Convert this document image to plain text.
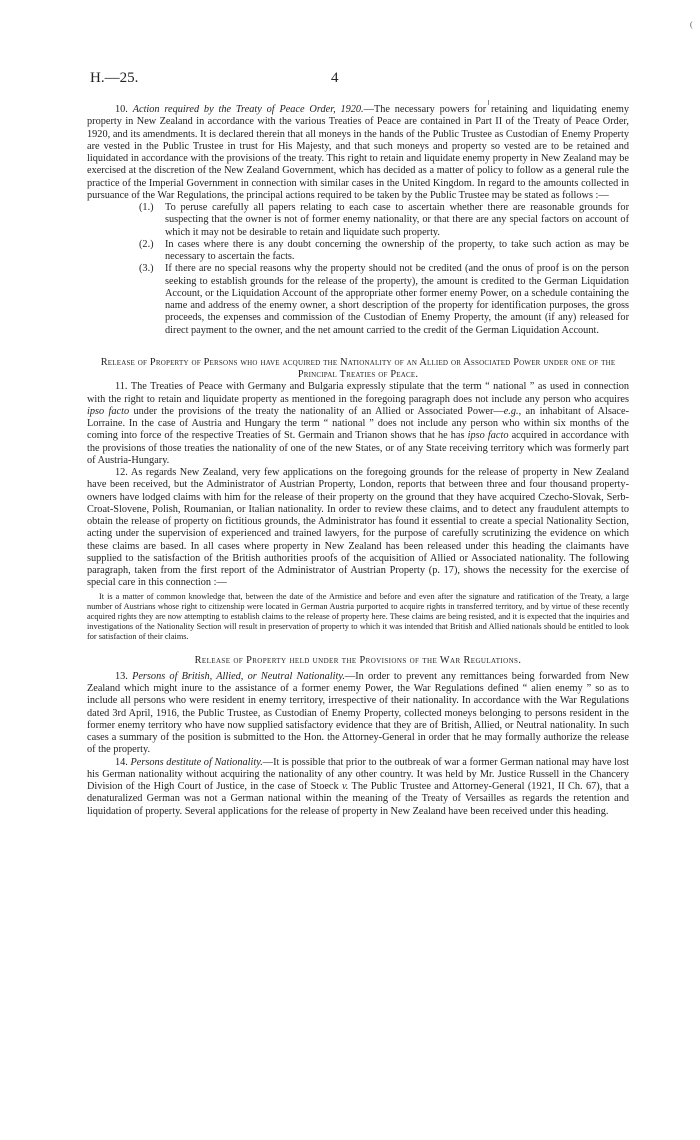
(
H.—25.	4

10. Action required by the Treaty of Peace Order, 1920.—The necessary powers for retaining and liquidating enemy property in New Zealand in accordance with the various Treaties of Peace are contained in Part II of the Treaty of Peace Order, 1920, and its amendments. It is declared therein that all moneys in the hands of the Public Trustee as Custodian of Enemy Property are vested in the Public Trustee in trust for His Majesty, and that such moneys and property so vested are to be retained and liquidated in accordance with the provisions of the treaty. This right to retain and liquidate enemy property in New Zealand may be exercised at the discretion of the New Zealand Government, which has decided as a matter of policy to follow as a general rule the practice of the Imperial Government in connection with similar cases in the United Kingdom. In regard to the amounts collected in pursuance of the War Regulations, the principal actions required to be taken by the Public Trustee may be stated as follows :—

(1.) To peruse carefully all papers relating to each case to ascertain whether there are reasonable grounds for suspecting that the owner is not of former enemy nationality, or that there are any special factors on account of which it may not be desirable to retain and liquidate such property.
(2.) In cases where there is any doubt concerning the ownership of the property, to take such action as may be necessary to ascertain the facts.
(3.) If there are no special reasons why the property should not be credited (and the onus of proof is on the person seeking to establish grounds for the release of the property), the amount is credited to the German Liquidation Account, or the Liquidation Account of the appropriate other former enemy Power, on a schedule containing the name and address of the enemy owner, a short description of the property for identification purposes, the gross proceeds, the expenses and commission of the Custodian of Enemy Property, the amount (if any) released for direct payment to the owner, and the net amount carried to the credit of the German Liquidation Account.
Release of Property of Persons who have acquired the Nationality of an Allied or Associated Power under one of the Principal Treaties of Peace.

11. The Treaties of Peace with Germany and Bulgaria expressly stipulate that the term “ national ” as used in connection with the right to retain and liquidate property as mentioned in the foregoing paragraph does not include any person who acquires ipso facto under the provisions of the treaty the nationality of an Allied or Associated Power—e.g., an inhabitant of Alsace-Lorraine. In the case of Austria and Hungary the term “ national ” does not include any person who within six months of the coming into force of the respective Treaties of St. Germain and Trianon shows that he has ipso facto acquired in accordance with the provisions of those treaties the nationality of one of the new States, or of any State receiving territory which was formerly part of Austria-Hungary.

12. As regards New Zealand, very few applications on the foregoing grounds for the release of property in New Zealand have been received, but the Administrator of Austrian Property, London, reports that between three and four thousand property-owners have lodged claims with him for the release of their property on the ground that they have acquired Czecho-Slovak, Serb-Croat-Slovene, Polish, Roumanian, or Italian nationality. In order to review these claims, and to detect any fraudulent attempts to obtain the release of property on fictitious grounds, the Administrator has found it essential to create a special Nationality Section, acting under the supervision of experienced and trained lawyers, for the purpose of carefully scrutinizing the evidence on which these claims are based. In all cases where property in New Zealand has been released under this heading the claimants have supplied to the satisfaction of the British authorities proofs of the acquisition of Allied or Associated nationality. The following paragraph, taken from the first report of the Administrator of Austrian Property (p. 17), shows the necessity for the exercise of special care in this connection :—

It is a matter of common knowledge that, between the date of the Armistice and before and even after the signature and ratification of the Treaty, a large number of Austrians whose right to citizenship were located in German Austria purported to acquire rights in transferred territory, and by virtue of these recently acquired rights they are now attempting to establish claims to the release of property here. These claims are being resisted, and it is expected that the inquiries and investigations of the Nationality Section will result in preservation of property to which it was intended that British and Allied nationals should be entitled to look for satisfaction of their claims.

Release of Property held under the Provisions of the War Regulations.

13. Persons of British, Allied, or Neutral Nationality.—In order to prevent any remittances being forwarded from New Zealand which might inure to the assistance of a former enemy Power, the War Regulations defined “ alien enemy ” so as to include all persons who were resident in enemy territory, irrespective of their nationality. In accordance with the War Regulations dated 3rd April, 1916, the Public Trustee, as Custodian of Enemy Property, collected moneys belonging to persons resident in the former enemy territory who have now supplied satisfactory evidence that they are of British, Allied, or Neutral nationality. In such cases a summary of the position is submitted to the Hon. the Attorney-General in order that he may formally authorize the release of the property.

14. Persons destitute of Nationality.—It is possible that prior to the outbreak of war a former German national may have lost his German nationality without acquiring the nationality of any other country. It was held by Mr. Justice Russell in the Chancery Division of the High Court of Justice, in the case of Stoeck v. The Public Trustee and Attorney-General (1921, II Ch. 67), that a denaturalized German was not a German national within the meaning of the Treaty of Versailles as regards the retention and liquidation of property. Several applications for the release of property in New Zealand have been received under this heading.
